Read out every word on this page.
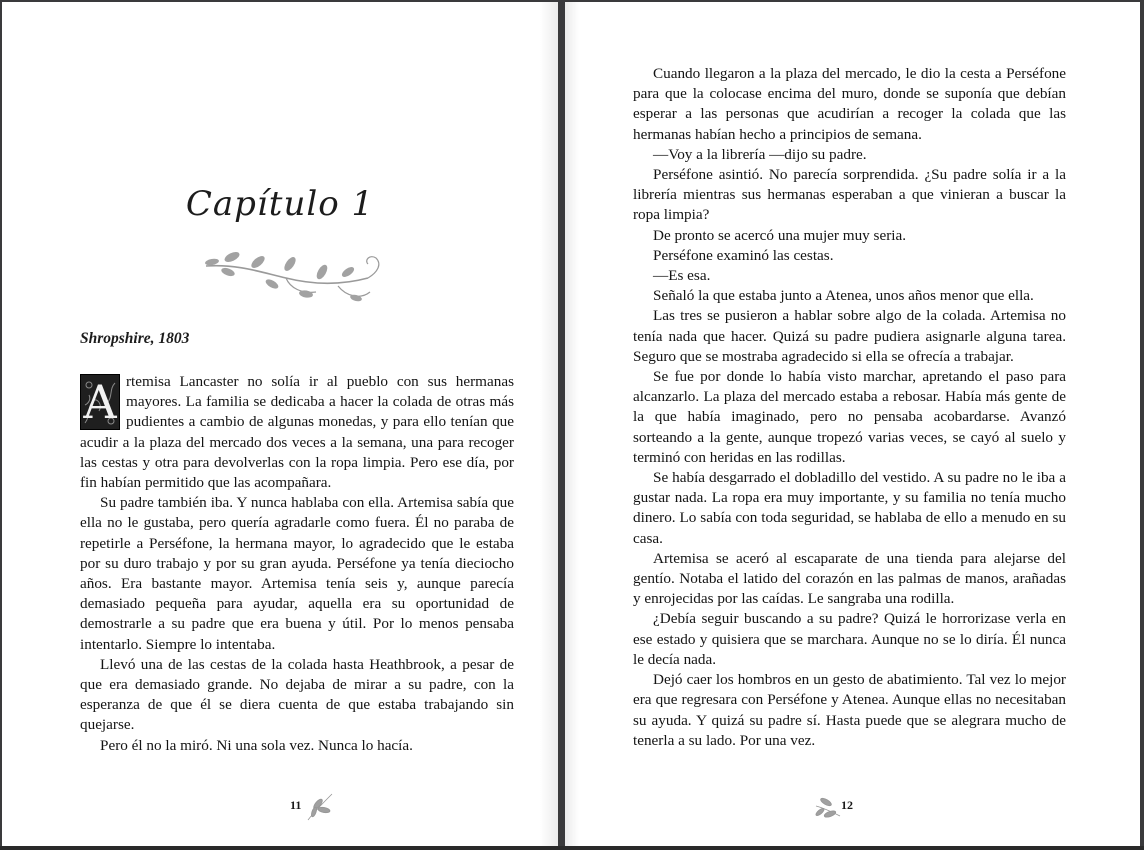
Capítulo 1
Shropshire, 1803

A rtemisa Lancaster no solía ir al pueblo con sus hermanas mayores. La familia se dedicaba a hacer la colada de otras más pudientes a cambio de algunas monedas, y para ello tenían que acudir a la plaza del mercado dos veces a la semana, una para recoger las cestas y otra para devolverlas con la ropa limpia. Pero ese día, por fin habían permitido que las acompañara.

Su padre también iba. Y nunca hablaba con ella. Artemisa sabía que ella no le gustaba, pero quería agradarle como fuera. Él no paraba de repetirle a Perséfone, la hermana mayor, lo agradecido que le estaba por su duro trabajo y por su gran ayuda. Perséfone ya tenía dieciocho años. Era bastante mayor. Artemisa tenía seis y, aunque parecía demasiado pequeña para ayudar, aquella era su oportunidad de demostrarle a su padre que era buena y útil. Por lo menos pensaba intentarlo. Siempre lo intentaba.

Llevó una de las cestas de la colada hasta Heathbrook, a pesar de que era demasiado grande. No dejaba de mirar a su padre, con la esperanza de que él se diera cuenta de que estaba trabajando sin quejarse.

Pero él no la miró. Ni una sola vez. Nunca lo hacía.

11

Cuando llegaron a la plaza del mercado, le dio la cesta a Perséfone para que la colocase encima del muro, donde se suponía que debían esperar a las personas que acudirían a recoger la colada que las hermanas habían hecho a principios de semana.

—Voy a la librería —dijo su padre.

Perséfone asintió. No parecía sorprendida. ¿Su padre solía ir a la librería mientras sus hermanas esperaban a que vinieran a buscar la ropa limpia?

De pronto se acercó una mujer muy seria.

Perséfone examinó las cestas.

—Es esa.

Señaló la que estaba junto a Atenea, unos años menor que ella.

Las tres se pusieron a hablar sobre algo de la colada. Artemisa no tenía nada que hacer. Quizá su padre pudiera asignarle alguna tarea. Seguro que se mostraba agradecido si ella se ofrecía a trabajar.

Se fue por donde lo había visto marchar, apretando el paso para alcanzarlo. La plaza del mercado estaba a rebosar. Había más gente de la que había imaginado, pero no pensaba acobardarse. Avanzó sorteando a la gente, aunque tropezó varias veces, se cayó al suelo y terminó con heridas en las rodillas.

Se había desgarrado el dobladillo del vestido. A su padre no le iba a gustar nada. La ropa era muy importante, y su familia no tenía mucho dinero. Lo sabía con toda seguridad, se hablaba de ello a menudo en su casa.

Artemisa se aceró al escaparate de una tienda para alejarse del gentío. Notaba el latido del corazón en las palmas de manos, arañadas y enrojecidas por las caídas. Le sangraba una rodilla.

¿Debía seguir buscando a su padre? Quizá le horrorizase verla en ese estado y quisiera que se marchara. Aunque no se lo diría. Él nunca le decía nada.

Dejó caer los hombros en un gesto de abatimiento. Tal vez lo mejor era que regresara con Perséfone y Atenea. Aunque ellas no necesitaban su ayuda. Y quizá su padre sí. Hasta puede que se alegrara mucho de tenerla a su lado. Por una vez.

12
